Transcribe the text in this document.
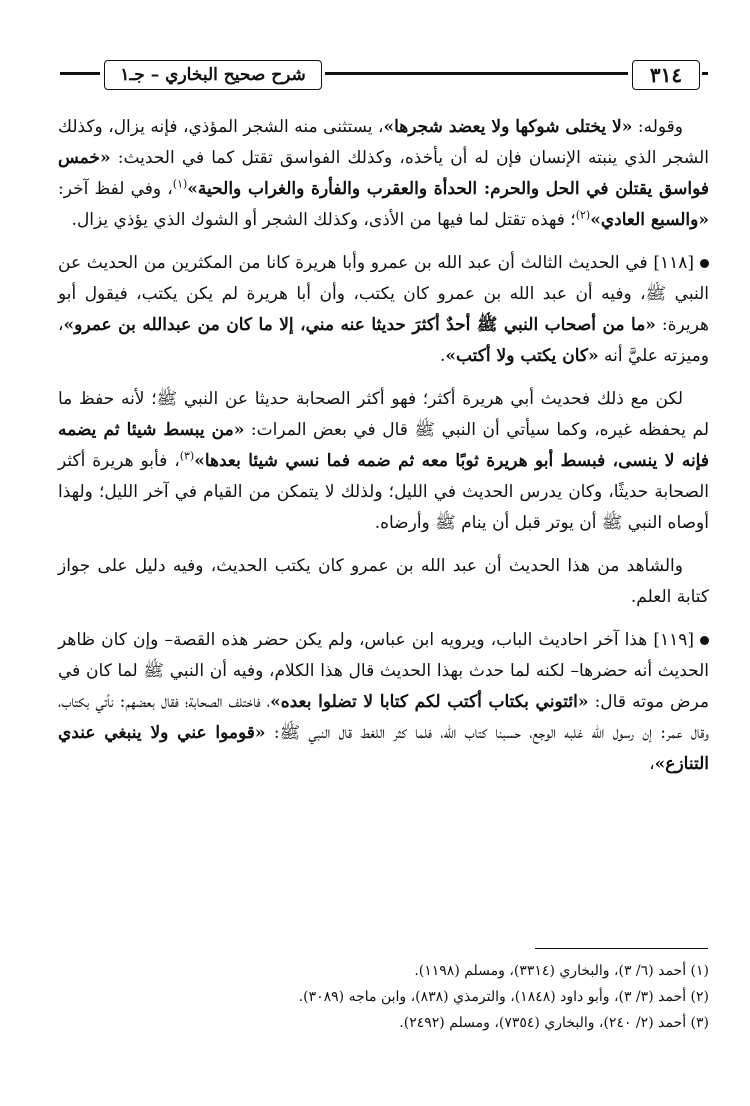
شرح صحيح البخاري – جـ١	٣١٤

وقوله: «لا يختلى شوكها ولا يعضد شجرها»، يستثنى منه الشجر المؤذي، فإنه يزال، وكذلك الشجر الذي ينبته الإنسان فإن له أن يأخذه، وكذلك الفواسق تقتل كما في الحديث: «خمس فواسق يقتلن في الحل والحرم: الحدأة والعقرب والفأرة والغراب والحية»$^{(١)}$، وفي لفظ آخر: «والسبع العادي»$^{(٢)}$؛ فهذه تقتل لما فيها من الأذى، وكذلك الشجر أو الشوك الذي يؤذي يزال.

[١١٨] في الحديث الثالث أن عبد الله بن عمرو وأبا هريرة كانا من المكثرين من الحديث عن النبي ﷺ، وفيه أن عبد الله بن عمرو كان يكتب، وأن أبا هريرة لم يكن يكتب، فيقول أبو هريرة: «ما من أصحاب النبي ﷺ أحدٌ أكثرَ حديثا عنه مني، إلا ما كان من عبدالله بن عمرو»، وميزته عليَّ أنه «كان يكتب ولا أكتب».

لكن مع ذلك فحديث أبي هريرة أكثر؛ فهو أكثر الصحابة حديثا عن النبي ﷺ؛ لأنه حفظ ما لم يحفظه غيره، وكما سيأتي أن النبي ﷺ قال في بعض المرات: «من يبسط شيئا ثم يضمه فإنه لا ينسى، فبسط أبو هريرة ثوبًا معه ثم ضمه فما نسي شيئا بعدها»$^{(٣)}$، فأبو هريرة أكثر الصحابة حديثًا، وكان يدرس الحديث في الليل؛ ولذلك لا يتمكن من القيام في آخر الليل؛ ولهذا أوصاه النبي ﷺ أن يوتر قبل أن ينام ﷺ وأرضاه.

والشاهد من هذا الحديث أن عبد الله بن عمرو كان يكتب الحديث، وفيه دليل على جواز كتابة العلم.

[١١٩] هذا آخر احاديث الباب، ويرويه ابن عباس، ولم يكن حضر هذه القصة– وإن كان ظاهر الحديث أنه حضرها– لكنه لما حدث بهذا الحديث قال هذا الكلام، وفيه أن النبي ﷺ لما كان في مرض موته قال: «ائتوني بكتاب أكتب لكم كتابا لا تضلوا بعده»، فاختلف الصحابة؛ فقال بعضهم: نأتي بكتاب، وقال عمر: إن رسول الله غلبه الوجع، حسبنا كتاب الله، فلما كثر اللغط قال النبي ﷺ: «قوموا عني ولا ينبغي عندي التنازع»،

(١) أحمد (٦/ ٣)، والبخاري (٣٣١٤)، ومسلم (١١٩٨).
(٢) أحمد (٣/ ٣)، وأبو داود (١٨٤٨)، والترمذي (٨٣٨)، وابن ماجه (٣٠٨٩).
(٣) أحمد (٢/ ٢٤٠)، والبخاري (٧٣٥٤)، ومسلم (٢٤٩٢).
